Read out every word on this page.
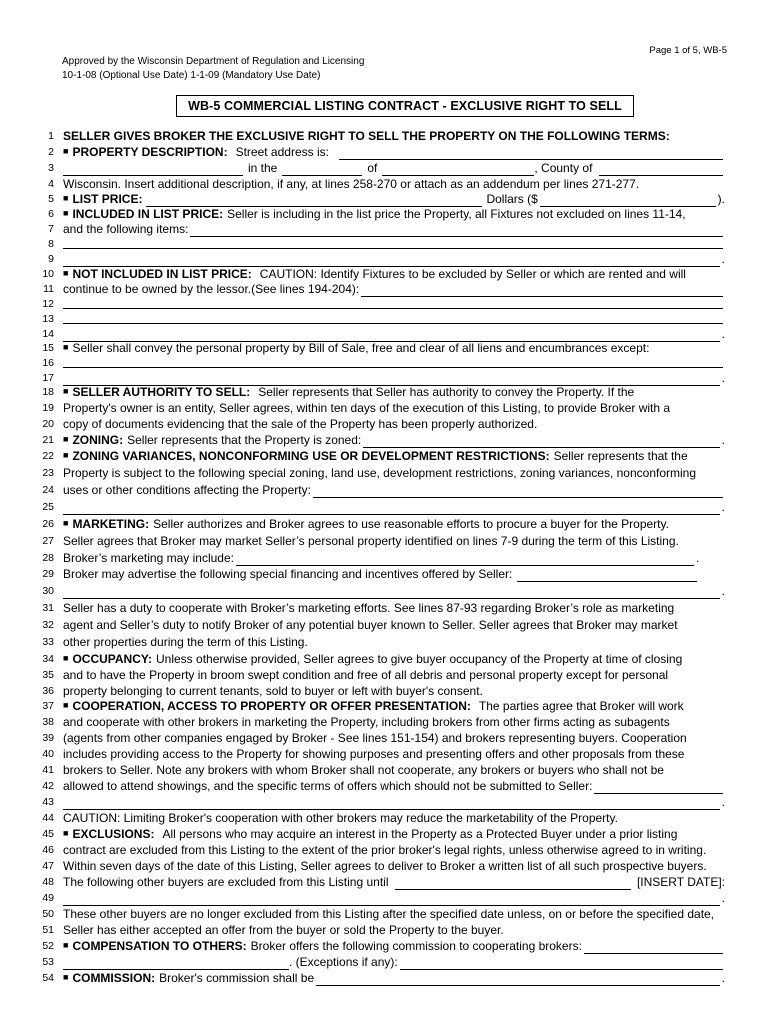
Page 1 of 5, WB-5
Approved by the Wisconsin Department of Regulation and Licensing
10-1-08 (Optional Use Date) 1-1-09 (Mandatory Use Date)
WB-5 COMMERCIAL LISTING CONTRACT - EXCLUSIVE RIGHT TO SELL
1 SELLER GIVES BROKER THE EXCLUSIVE RIGHT TO SELL THE PROPERTY ON THE FOLLOWING TERMS:
2 ■ PROPERTY DESCRIPTION: Street address is:
3	in the	of	, County of
4 Wisconsin. Insert additional description, if any, at lines 258-270 or attach as an addendum per lines 271-277.
5 ■ LIST PRICE:	Dollars ($	).
6 ■ INCLUDED IN LIST PRICE: Seller is including in the list price the Property, all Fixtures not excluded on lines 11-14,
7 and the following items:
8
9	.
10 ■ NOT INCLUDED IN LIST PRICE: CAUTION: Identify Fixtures to be excluded by Seller or which are rented and will
11 continue to be owned by the lessor.(See lines 194-204):
12
13
14	.
15 ■ Seller shall convey the personal property by Bill of Sale, free and clear of all liens and encumbrances except:
16
17	.
18 ■ SELLER AUTHORITY TO SELL: Seller represents that Seller has authority to convey the Property. If the
19 Property's owner is an entity, Seller agrees, within ten days of the execution of this Listing, to provide Broker with a
20 copy of documents evidencing that the sale of the Property has been properly authorized.
21 ■ ZONING: Seller represents that the Property is zoned:	.
22 ■ ZONING VARIANCES, NONCONFORMING USE OR DEVELOPMENT RESTRICTIONS: Seller represents that the
23 Property is subject to the following special zoning, land use, development restrictions, zoning variances, nonconforming
24 uses or other conditions affecting the Property:
25	.
26 ■ MARKETING: Seller authorizes and Broker agrees to use reasonable efforts to procure a buyer for the Property.
27 Seller agrees that Broker may market Seller’s personal property identified on lines 7-9 during the term of this Listing.
28 Broker’s marketing may include:	.
29 Broker may advertise the following special financing and incentives offered by Seller:
30	.
31 Seller has a duty to cooperate with Broker’s marketing efforts. See lines 87-93 regarding Broker’s role as marketing
32 agent and Seller’s duty to notify Broker of any potential buyer known to Seller. Seller agrees that Broker may market
33 other properties during the term of this Listing.
34 ■ OCCUPANCY: Unless otherwise provided, Seller agrees to give buyer occupancy of the Property at time of closing
35 and to have the Property in broom swept condition and free of all debris and personal property except for personal
36 property belonging to current tenants, sold to buyer or left with buyer's consent.
37 ■ COOPERATION, ACCESS TO PROPERTY OR OFFER PRESENTATION: The parties agree that Broker will work
38 and cooperate with other brokers in marketing the Property, including brokers from other firms acting as subagents
39 (agents from other companies engaged by Broker - See lines 151-154) and brokers representing buyers. Cooperation
40 includes providing access to the Property for showing purposes and presenting offers and other proposals from these
41 brokers to Seller. Note any brokers with whom Broker shall not cooperate, any brokers or buyers who shall not be
42 allowed to attend showings, and the specific terms of offers which should not be submitted to Seller:
43	.
44 CAUTION: Limiting Broker's cooperation with other brokers may reduce the marketability of the Property.
45 ■ EXCLUSIONS: All persons who may acquire an interest in the Property as a Protected Buyer under a prior listing
46 contract are excluded from this Listing to the extent of the prior broker's legal rights, unless otherwise agreed to in writing.
47 Within seven days of the date of this Listing, Seller agrees to deliver to Broker a written list of all such prospective buyers.
48 The following other buyers are excluded from this Listing until	[INSERT DATE]:
49	.
50 These other buyers are no longer excluded from this Listing after the specified date unless, on or before the specified date,
51 Seller has either accepted an offer from the buyer or sold the Property to the buyer.
52 ■ COMPENSATION TO OTHERS: Broker offers the following commission to cooperating brokers:
53	. (Exceptions if any):
54 ■ COMMISSION: Broker's commission shall be	.
